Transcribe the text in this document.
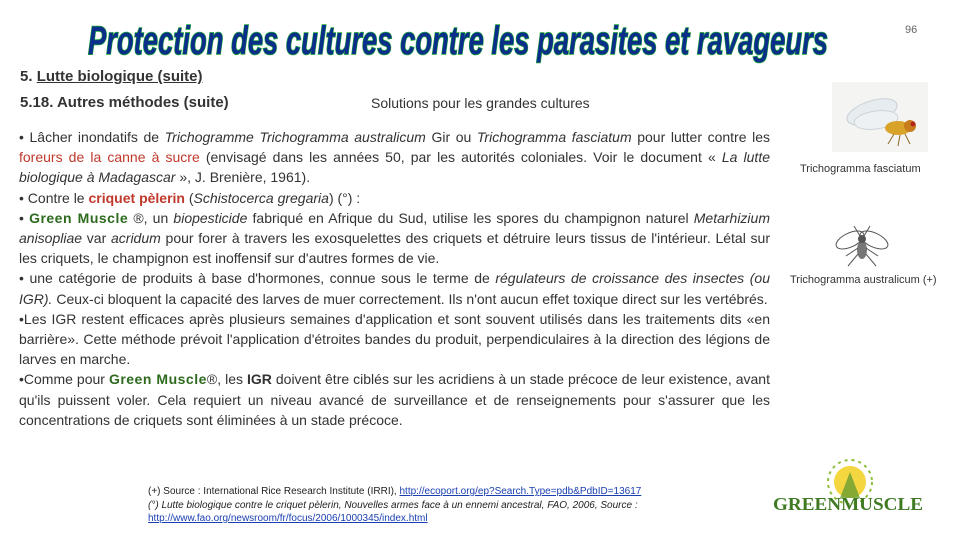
Protection des cultures contre les parasites et ravageurs	96
5. Lutte biologique (suite)
5.18. Autres méthodes (suite)	Solutions pour les grandes cultures

• Lâcher inondatifs de Trichogramme Trichogramma australicum Gir ou Trichogramma fasciatum pour lutter contre les foreurs de la canne à sucre (envisagé dans les années 50, par les autorités coloniales. Voir le document « La lutte biologique à Madagascar », J. Brenière, 1961).

• Contre le criquet pèlerin (Schistocerca gregaria) (°) :

• Green Muscle ®, un biopesticide fabriqué en Afrique du Sud, utilise les spores du champignon naturel Metarhizium anisopliae var acridum pour forer à travers les exosquelettes des criquets et détruire leurs tissus de l'intérieur. Létal sur les criquets, le champignon est inoffensif sur d'autres formes de vie.

• une catégorie de produits à base d'hormones, connue sous le terme de régulateurs de croissance des insectes (ou IGR). Ceux-ci bloquent la capacité des larves de muer correctement. Ils n'ont aucun effet toxique direct sur les vertébrés.

•Les IGR restent efficaces après plusieurs semaines d'application et sont souvent utilisés dans les traitements dits «en barrière». Cette méthode prévoit l'application d'étroites bandes du produit, perpendiculaires à la direction des légions de larves en marche.

•Comme pour Green Muscle®, les IGR doivent être ciblés sur les acridiens à un stade précoce de leur existence, avant qu'ils puissent voler. Cela requiert un niveau avancé de surveillance et de renseignements pour s'assurer que les concentrations de criquets sont éliminées à un stade précoce.

(+) Source : International Rice Research Institute (IRRI), http://ecoport.org/ep?Search.Type=pdb&PdbID=13617
(°) Lutte biologique contre le criquet pèlerin, Nouvelles armes face à un ennemi ancestral, FAO, 2006, Source : http://www.fao.org/newsroom/fr/focus/2006/1000345/index.html
Trichogramma fasciatum
Trichogramma australicum (+)
GREENMUSCLE
